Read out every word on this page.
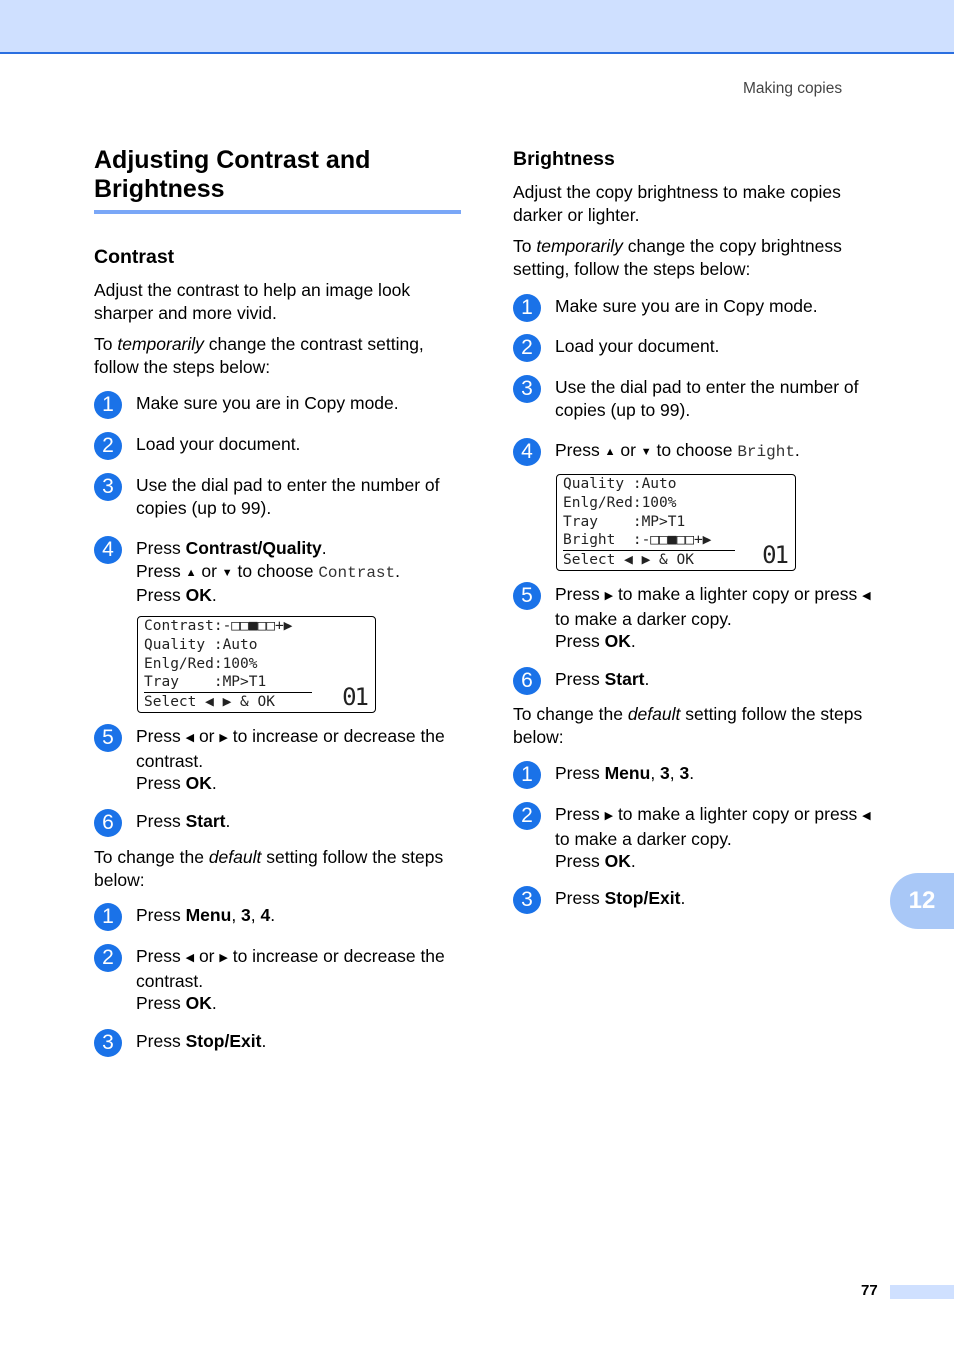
Making copies
Adjusting Contrast and Brightness
Contrast

Adjust the contrast to help an image look sharper and more vivid.

To temporarily change the contrast setting, follow the steps below:

1	Make sure you are in Copy mode.
2	Load your document.
3	Use the dial pad to enter the number of copies (up to 99).
4	Press Contrast/Quality.
Press ▲ or ▼ to choose Contrast.
Press OK.
Contrast:-□□■□□+▶
Quality :Auto
Enlg/Red:100%
Tray    :MP>T1
Select ◀ ▶ & OK	01
5	Press ◀ or ▶ to increase or decrease the contrast.
Press OK.
6	Press Start.

To change the default setting follow the steps below:

1	Press Menu, 3, 4.
2	Press ◀ or ▶ to increase or decrease the contrast.
Press OK.
3	Press Stop/Exit.
Brightness

Adjust the copy brightness to make copies darker or lighter.

To temporarily change the copy brightness setting, follow the steps below:

1	Make sure you are in Copy mode.
2	Load your document.
3	Use the dial pad to enter the number of copies (up to 99).
4	Press ▲ or ▼ to choose Bright.
Quality :Auto
Enlg/Red:100%
Tray    :MP>T1
Bright  :-□□■□□+▶
Select ◀ ▶ & OK	01
5	Press ▶ to make a lighter copy or press ◀ to make a darker copy.
Press OK.
6	Press Start.

To change the default setting follow the steps below:

1	Press Menu, 3, 3.
2	Press ▶ to make a lighter copy or press ◀ to make a darker copy.
Press OK.
3	Press Stop/Exit.	12
77
